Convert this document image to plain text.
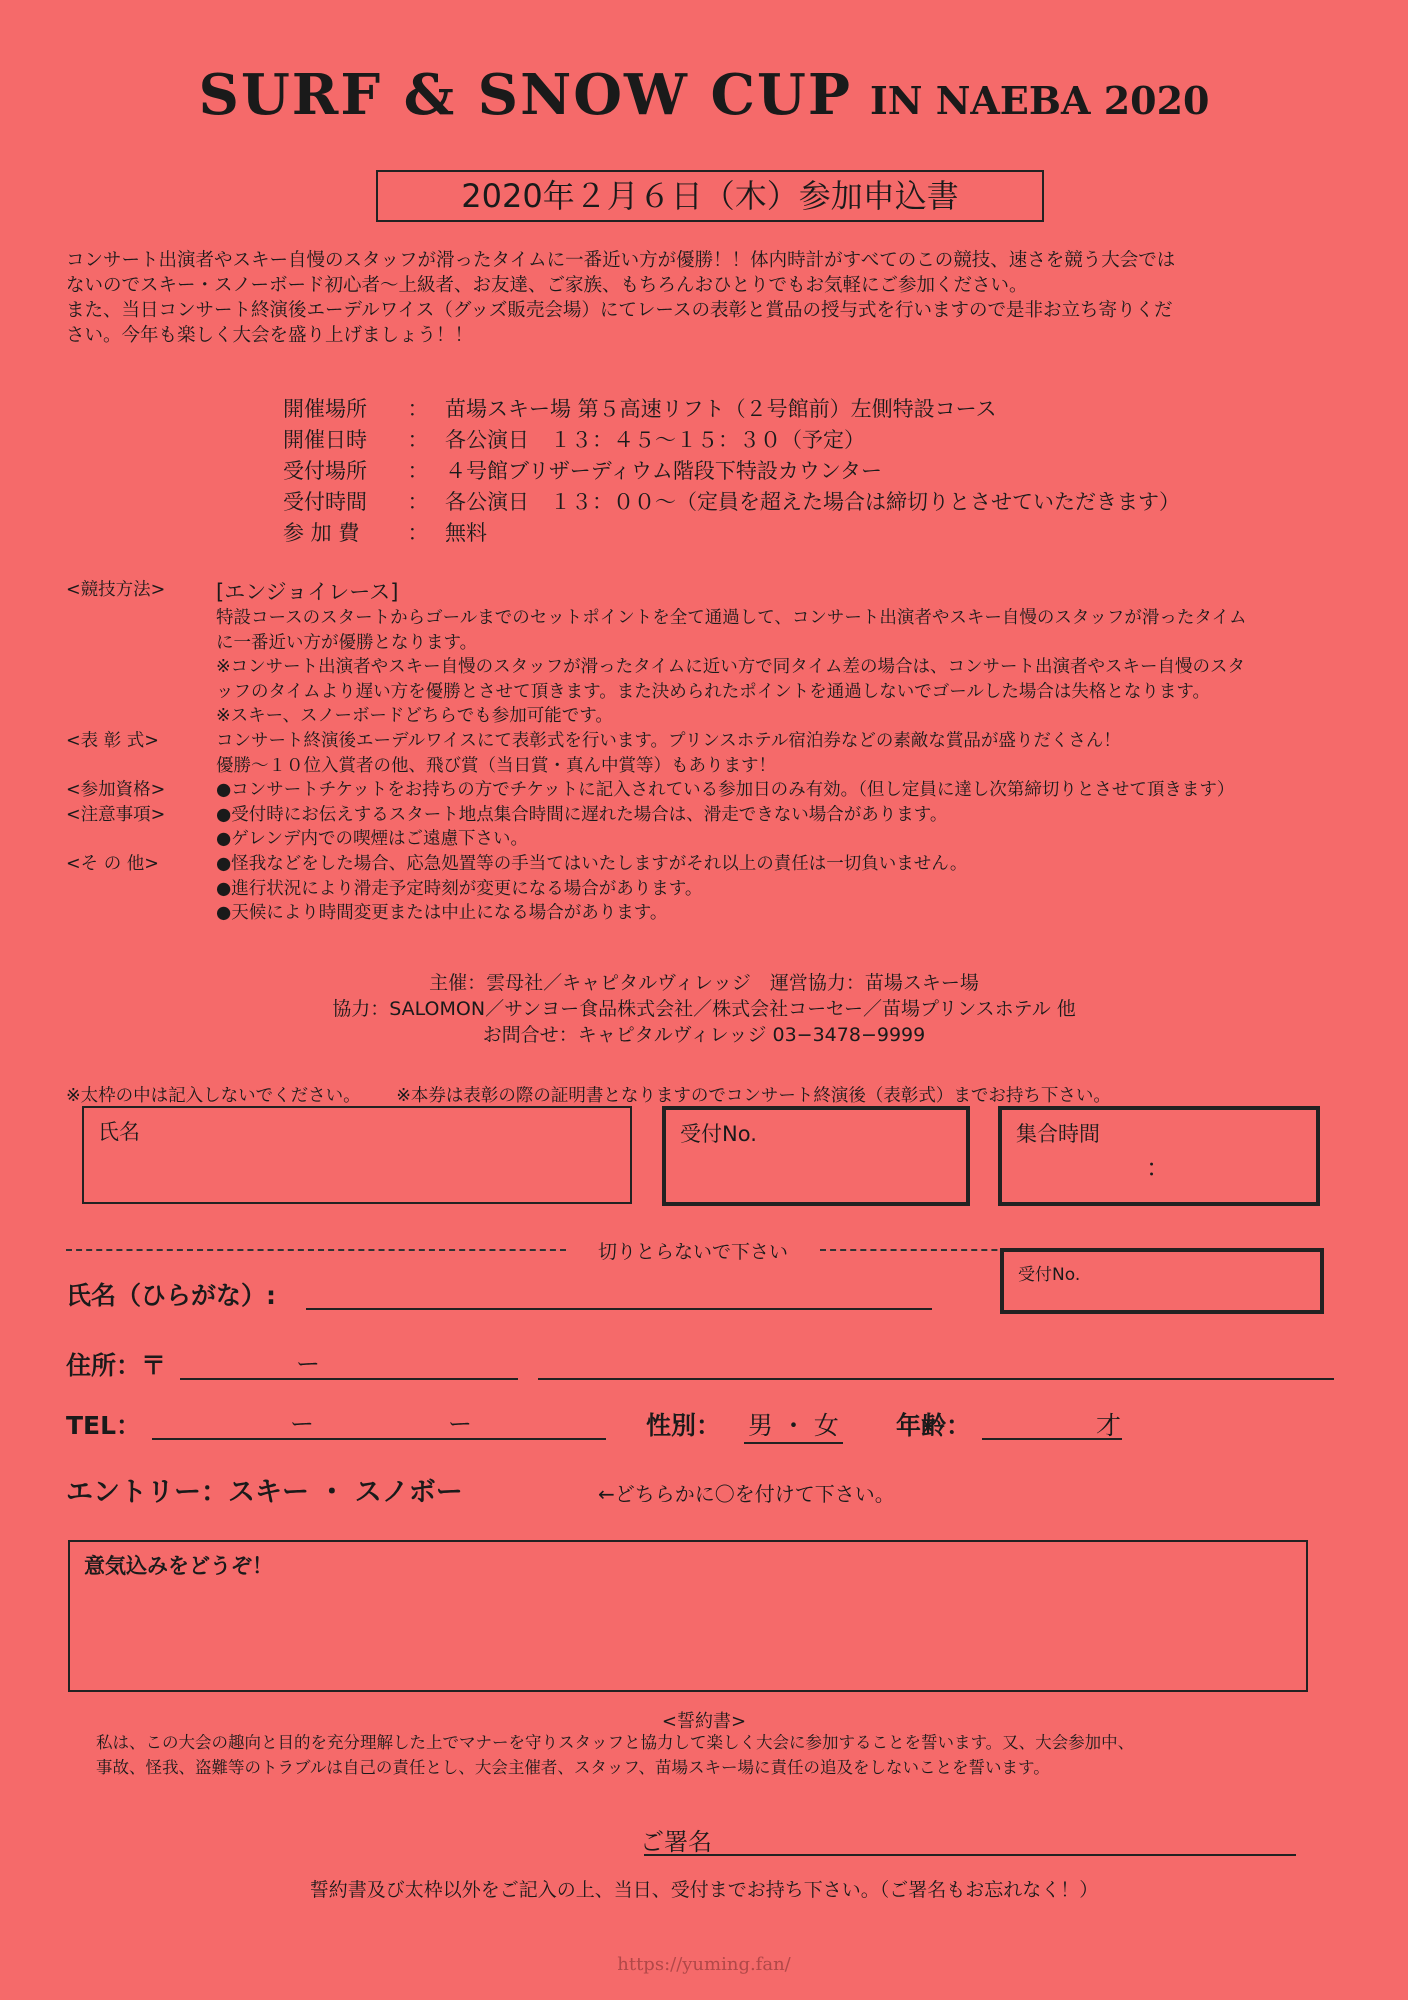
SURF & SNOW CUP IN NAEBA 2020
2020年２月６日（木）参加申込書

コンサート出演者やスキー自慢のスタッフが滑ったタイムに一番近い方が優勝！！体内時計がすべてのこの競技、速さを競う大会では

ないのでスキー・スノーボード初心者～上級者、お友達、ご家族、もちろんおひとりでもお気軽にご参加ください。

また、当日コンサート終演後エーデルワイス（グッズ販売会場）にてレースの表彰と賞品の授与式を行いますので是非お立ち寄りくだ

さい。今年も楽しく大会を盛り上げましょう！！

開催場所	： 苗場スキー場 第５高速リフト（２号館前）左側特設コース
開催日時	： 各公演日　１３：４５～１５：３０（予定）
受付場所	： ４号館ブリザーディウム階段下特設カウンター
受付時間	： 各公演日　１３：００～（定員を超えた場合は締切りとさせていただきます）
参 加 費	： 無料
<競技方法>	[エンジョイレース]

特設コースのスタートからゴールまでのセットポイントを全て通過して、コンサート出演者やスキー自慢のスタッフが滑ったタイム

に一番近い方が優勝となります。

※コンサート出演者やスキー自慢のスタッフが滑ったタイムに近い方で同タイム差の場合は、コンサート出演者やスキー自慢のスタ

ッフのタイムより遅い方を優勝とさせて頂きます。また決められたポイントを通過しないでゴールした場合は失格となります。

※スキー、スノーボードどちらでも参加可能です。

<表 彰 式>	コンサート終演後エーデルワイスにて表彰式を行います。プリンスホテル宿泊券などの素敵な賞品が盛りだくさん！

優勝～１０位入賞者の他、飛び賞（当日賞・真ん中賞等）もあります！

<参加資格>	●コンサートチケットをお持ちの方でチケットに記入されている参加日のみ有効。（但し定員に達し次第締切りとさせて頂きます）

<注意事項>	●受付時にお伝えするスタート地点集合時間に遅れた場合は、滑走できない場合があります。

●ゲレンデ内での喫煙はご遠慮下さい。

<そ の 他>	●怪我などをした場合、応急処置等の手当てはいたしますがそれ以上の責任は一切負いません。

●進行状況により滑走予定時刻が変更になる場合があります。

●天候により時間変更または中止になる場合があります。

主催：雲母社／キャピタルヴィレッジ　運営協力：苗場スキー場

協力：SALOMON／サンヨー食品株式会社／株式会社コーセー／苗場プリンスホテル 他

お問合せ：キャピタルヴィレッジ 03−3478−9999

※太枠の中は記入しないでください。 ※本券は表彰の際の証明書となりますのでコンサート終演後（表彰式）までお持ち下さい。
氏名	受付No.	集合時間
：
切りとらないで下さい
氏名（ひらがな）:
受付No.
住所：〒	ー
TEL：	ー	ー	性別： 男 ・ 女 年齢：	才
エントリー：スキー ・ スノボー	←どちらかに〇を付けて下さい。
意気込みをどうぞ！
<誓約書>
私は、この大会の趣向と目的を充分理解した上でマナーを守りスタッフと協力して楽しく大会に参加することを誓います。又、大会参加中、
事故、怪我、盗難等のトラブルは自己の責任とし、大会主催者、スタッフ、苗場スキー場に責任の追及をしないことを誓います。
ご署名
誓約書及び太枠以外をご記入の上、当日、受付までお持ち下さい。（ご署名もお忘れなく！）
https://yuming.fan/
